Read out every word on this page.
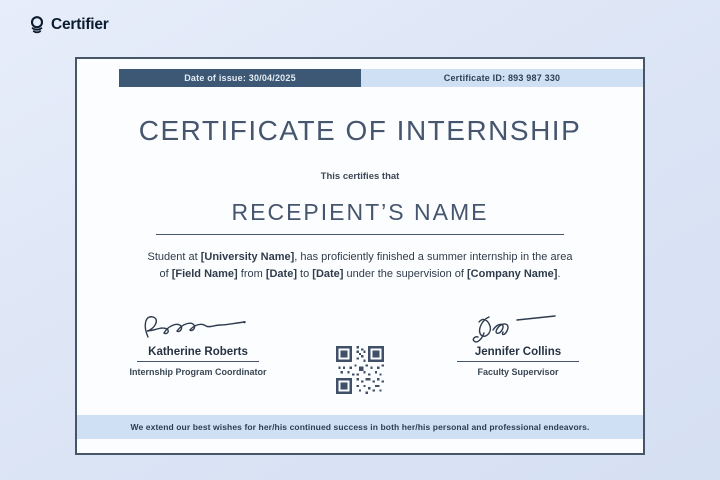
Certifier
Date of issue: 30/04/2025	Certificate ID: 893 987 330
CERTIFICATE OF INTERNSHIP
This certifies that
RECEPIENT’S NAME
Student at [University Name], has proficiently finished a summer internship in the area of [Field Name] from [Date] to [Date] under the supervision of [Company Name].
Katherine Roberts
Internship Program Coordinator
Jennifer Collins
Faculty Supervisor
We extend our best wishes for her/his continued success in both her/his personal and professional endeavors.
